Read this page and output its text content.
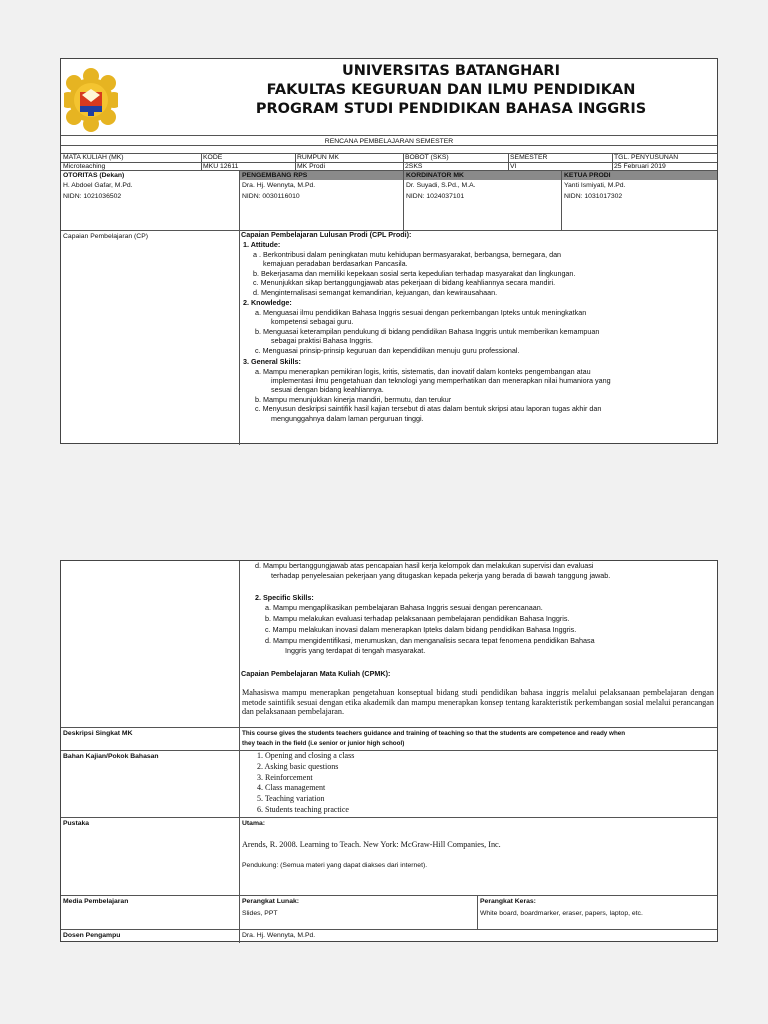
UNIVERSITAS BATANGHARI
FAKULTAS KEGURUAN DAN ILMU PENDIDIKAN
PROGRAM STUDI PENDIDIKAN BAHASA INGGRIS
RENCANA PEMBELAJARAN SEMESTER
MATA KULIAH (MK)	KODE	RUMPUN MK	BOBOT (SKS)	SEMESTER	TGL. PENYUSUNAN
Microteaching	MKU 12611	MK Prodi	2SKS	VI	25 Februari 2019
OTORITAS (Dekan)
H. Abdoel Gafar, M.Pd.
NIDN: 1021036502
PENGEMBANG RPS
Dra. Hj. Wennyta, M.Pd.
NIDN: 0030116010
KORDINATOR MK
Dr. Suyadi, S.Pd., M.A.
NIDN: 1024037101
KETUA PRODI
Yanti Ismiyati, M.Pd.
NIDN: 1031017302
Capaian Pembelajaran (CP)	Capaian Pembelajaran Lulusan Prodi (CPL Prodi):
1. Attitude:
a . Berkontribusi dalam peningkatan mutu kehidupan bermasyarakat, berbangsa, bernegara, dan
kemajuan peradaban berdasarkan Pancasila.
b. Bekerjasama dan memiliki kepekaan sosial serta kepedulian terhadap masyarakat dan lingkungan.
c. Menunjukkan sikap bertanggungjawab atas pekerjaan di bidang keahliannya secara mandiri.
d. Menginternalisasi semangat kemandirian, kejuangan, dan kewirausahaan.
2. Knowledge:
a. Menguasai ilmu pendidikan Bahasa Inggris sesuai dengan perkembangan Ipteks untuk meningkatkan
kompetensi sebagai guru.
b. Menguasai keterampilan pendukung di bidang pendidikan Bahasa Inggris untuk memberikan kemampuan
sebagai praktisi Bahasa Inggris.
c. Menguasai prinsip-prinsip keguruan dan kependidikan menuju guru professional.
3. General Skills:
a. Mampu menerapkan pemikiran logis, kritis, sistematis, dan inovatif dalam konteks pengembangan atau
implementasi ilmu pengetahuan dan teknologi yang memperhatikan dan menerapkan nilai humaniora yang
sesuai dengan bidang keahliannya.
b. Mampu menunjukkan kinerja mandiri, bermutu, dan terukur
c. Menyusun deskripsi saintifik hasil kajian tersebut di atas dalam bentuk skripsi atau laporan tugas akhir dan
mengunggahnya dalam laman perguruan tinggi.
d. Mampu bertanggungjawab atas pencapaian hasil kerja kelompok dan melakukan supervisi dan evaluasi
terhadap penyelesaian pekerjaan yang ditugaskan kepada pekerja yang berada di bawah tanggung jawab.
2. Specific Skills:
a. Mampu mengaplikasikan pembelajaran Bahasa Inggris sesuai dengan perencanaan.
b. Mampu melakukan evaluasi terhadap pelaksanaan pembelajaran pendidikan Bahasa Inggris.
c. Mampu melakukan inovasi dalam menerapkan Ipteks dalam bidang pendidikan Bahasa Inggris.
d. Mampu mengidentifikasi, merumuskan, dan menganalisis secara tepat fenomena pendidikan Bahasa
Inggris yang terdapat di tengah masyarakat.
Capaian Pembelajaran Mata Kuliah (CPMK):
Mahasiswa mampu menerapkan pengetahuan konseptual bidang studi pendidikan bahasa inggris melalui pelaksanaan pembelajaran dengan metode saintifik sesuai dengan etika akademik dan mampu menerapkan konsep tentang karakteristik perkembangan sosial melalui perancangan dan pelaksanaan pembelajaran.
Deskripsi Singkat MK	This course gives the students teachers guidance and training of teaching so that the students are competence and ready when
they teach in the field (i.e senior or junior high school)
Bahan Kajian/Pokok Bahasan	1. Opening and closing a class
2. Asking basic questions
3. Reinforcement
4. Class management
5. Teaching variation
6. Students teaching practice
Pustaka	Utama:
Arends, R. 2008. Learning to Teach. New York: McGraw-Hill Companies, Inc.
Pendukung: (Semua materi yang dapat diakses dari internet).
Media Pembelajaran	Perangkat Lunak:
Slides, PPT
Perangkat Keras:
White board, boardmarker, eraser, papers, laptop, etc.
Dosen Pengampu	Dra. Hj. Wennyta, M.Pd.
